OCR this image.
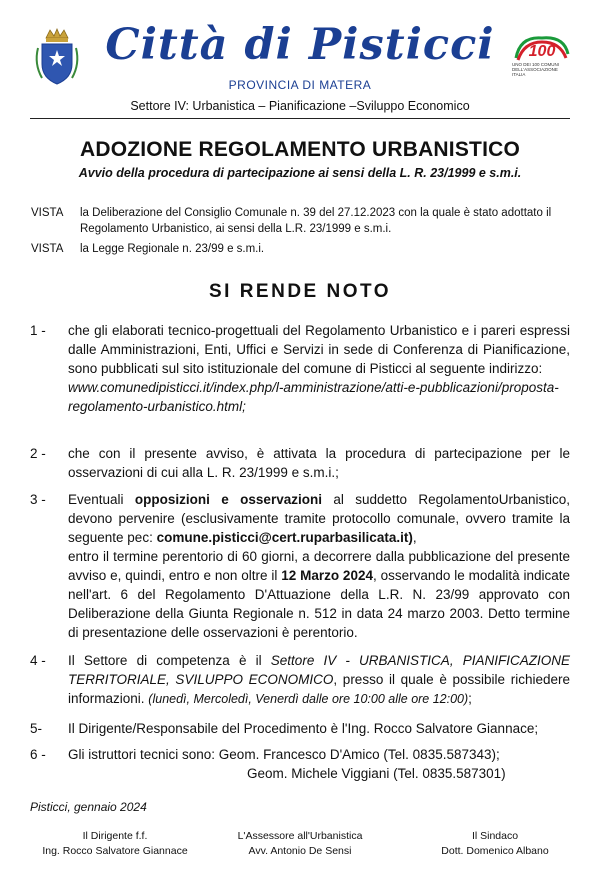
Città di Pisticci
PROVINCIA DI MATERA
100
UNO DEI 100 COMUNI DELL'ASSOCIAZIONE ITALIA
Settore IV: Urbanistica – Pianificazione –Sviluppo Economico
ADOZIONE REGOLAMENTO URBANISTICO
Avvio della procedura di partecipazione ai sensi della L. R. 23/1999 e s.m.i.
VISTA	la Deliberazione del Consiglio Comunale n. 39 del 27.12.2023 con la quale è stato adottato il Regolamento Urbanistico, ai sensi della L.R. 23/1999 e s.m.i.
VISTA	la Legge Regionale n. 23/99 e s.m.i.
SI RENDE NOTO
1 -	che gli elaborati tecnico-progettuali del Regolamento Urbanistico e i pareri espressi dalle Amministrazioni, Enti, Uffici e Servizi in sede di Conferenza di Pianificazione, sono pubblicati sul sito istituzionale del comune di Pisticci al seguente indirizzo:
www.comunedipisticci.it/index.php/l-amministrazione/atti-e-pubblicazioni/proposta-regolamento-urbanistico.html;
2 -	che con il presente avviso, è attivata la procedura di partecipazione per le osservazioni di cui alla L. R. 23/1999 e s.m.i.;
3 -	Eventuali opposizioni e osservazioni al suddetto RegolamentoUrbanistico, devono pervenire (esclusivamente tramite protocollo comunale, ovvero tramite la seguente pec: comune.pisticci@cert.ruparbasilicata.it),
entro il termine perentorio di 60 giorni, a decorrere dalla pubblicazione del presente avviso e, quindi, entro e non oltre il 12 Marzo 2024, osservando le modalità indicate nell'art. 6 del Regolamento D'Attuazione della L.R. N. 23/99 approvato con Deliberazione della Giunta Regionale n. 512 in data 24 marzo 2003. Detto termine di presentazione delle osservazioni è perentorio.
4 -	Il Settore di competenza è il Settore IV - URBANISTICA, PIANIFICAZIONE TERRITORIALE, SVILUPPO ECONOMICO, presso il quale è possibile richiedere informazioni. (lunedì, Mercoledì, Venerdì dalle ore 10:00 alle ore 12:00);
5-	Il Dirigente/Responsabile del Procedimento è l'Ing. Rocco Salvatore Giannace;
6 -	Gli istruttori tecnici sono: Geom. Francesco D'Amico (Tel. 0835.587343);
Geom. Michele Viggiani (Tel. 0835.587301)
Pisticci, gennaio 2024
Il Dirigente f.f.
Ing. Rocco Salvatore Giannace
L'Assessore all'Urbanistica
Avv. Antonio De Sensi
Il Sindaco
Dott. Domenico Albano
